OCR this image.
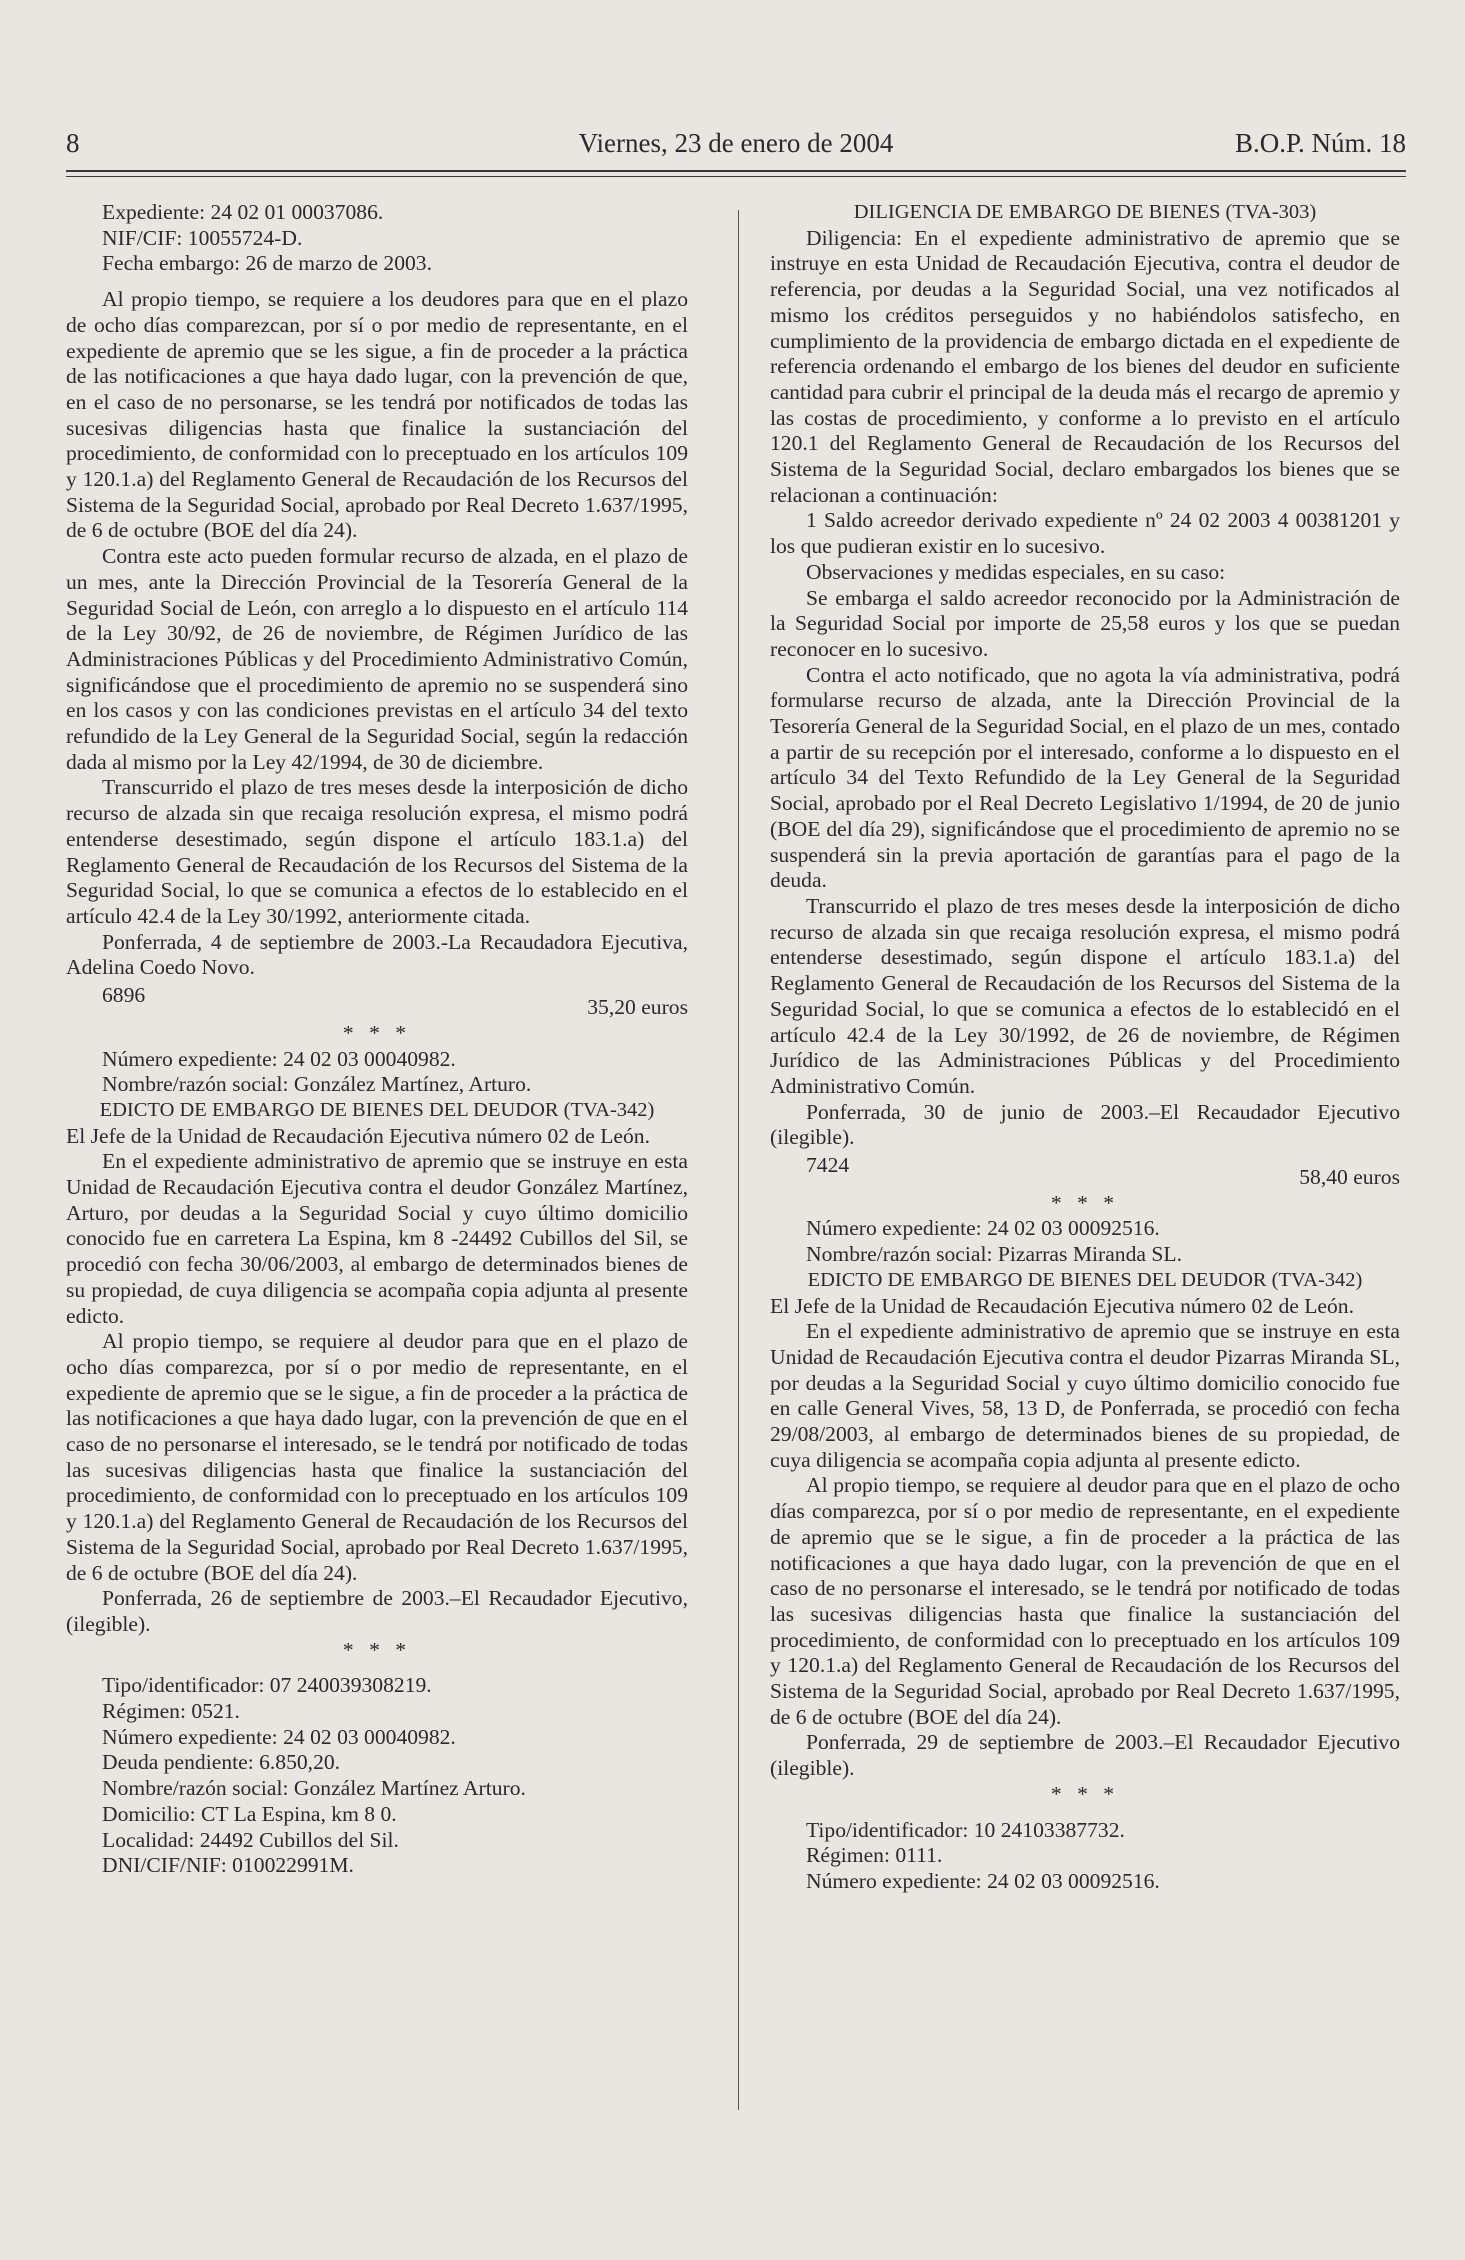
8	Viernes, 23 de enero de 2004	B.O.P. Núm. 18

Expediente: 24 02 01 00037086.

NIF/CIF: 10055724-D.

Fecha embargo: 26 de marzo de 2003.

Al propio tiempo, se requiere a los deudores para que en el plazo de ocho días comparezcan, por sí o por medio de representante, en el expediente de apremio que se les sigue, a fin de proceder a la práctica de las notificaciones a que haya dado lugar, con la prevención de que, en el caso de no personarse, se les tendrá por notificados de todas las sucesivas diligencias hasta que finalice la sustanciación del procedimiento, de conformidad con lo preceptuado en los artículos 109 y 120.1.a) del Reglamento General de Recaudación de los Recursos del Sistema de la Seguridad Social, aprobado por Real Decreto 1.637/1995, de 6 de octubre (BOE del día 24).

Contra este acto pueden formular recurso de alzada, en el plazo de un mes, ante la Dirección Provincial de la Tesorería General de la Seguridad Social de León, con arreglo a lo dispuesto en el artículo 114 de la Ley 30/92, de 26 de noviembre, de Régimen Jurídico de las Administraciones Públicas y del Procedimiento Administrativo Común, significándose que el procedimiento de apremio no se suspenderá sino en los casos y con las condiciones previstas en el artículo 34 del texto refundido de la Ley General de la Seguridad Social, según la redacción dada al mismo por la Ley 42/1994, de 30 de diciembre.

Transcurrido el plazo de tres meses desde la interposición de dicho recurso de alzada sin que recaiga resolución expresa, el mismo podrá entenderse desestimado, según dispone el artículo 183.1.a) del Reglamento General de Recaudación de los Recursos del Sistema de la Seguridad Social, lo que se comunica a efectos de lo establecido en el artículo 42.4 de la Ley 30/1992, anteriormente citada.

Ponferrada, 4 de septiembre de 2003.-La Recaudadora Ejecutiva, Adelina Coedo Novo.

6896	35,20 euros

* * *

Número expediente: 24 02 03 00040982.

Nombre/razón social: González Martínez, Arturo.

EDICTO DE EMBARGO DE BIENES DEL DEUDOR (TVA-342)

El Jefe de la Unidad de Recaudación Ejecutiva número 02 de León.

En el expediente administrativo de apremio que se instruye en esta Unidad de Recaudación Ejecutiva contra el deudor González Martínez, Arturo, por deudas a la Seguridad Social y cuyo último domicilio conocido fue en carretera La Espina, km 8 -24492 Cubillos del Sil, se procedió con fecha 30/06/2003, al embargo de determinados bienes de su propiedad, de cuya diligencia se acompaña copia adjunta al presente edicto.

Al propio tiempo, se requiere al deudor para que en el plazo de ocho días comparezca, por sí o por medio de representante, en el expediente de apremio que se le sigue, a fin de proceder a la práctica de las notificaciones a que haya dado lugar, con la prevención de que en el caso de no personarse el interesado, se le tendrá por notificado de todas las sucesivas diligencias hasta que finalice la sustanciación del procedimiento, de conformidad con lo preceptuado en los artículos 109 y 120.1.a) del Reglamento General de Recaudación de los Recursos del Sistema de la Seguridad Social, aprobado por Real Decreto 1.637/1995, de 6 de octubre (BOE del día 24).

Ponferrada, 26 de septiembre de 2003.–El Recaudador Ejecutivo, (ilegible).

* * *

Tipo/identificador: 07 240039308219.

Régimen: 0521.

Número expediente: 24 02 03 00040982.

Deuda pendiente: 6.850,20.

Nombre/razón social: González Martínez Arturo.

Domicilio: CT La Espina, km 8 0.

Localidad: 24492 Cubillos del Sil.

DNI/CIF/NIF: 010022991M.

DILIGENCIA DE EMBARGO DE BIENES (TVA-303)

Diligencia: En el expediente administrativo de apremio que se instruye en esta Unidad de Recaudación Ejecutiva, contra el deudor de referencia, por deudas a la Seguridad Social, una vez notificados al mismo los créditos perseguidos y no habiéndolos satisfecho, en cumplimiento de la providencia de embargo dictada en el expediente de referencia ordenando el embargo de los bienes del deudor en suficiente cantidad para cubrir el principal de la deuda más el recargo de apremio y las costas de procedimiento, y conforme a lo previsto en el artículo 120.1 del Reglamento General de Recaudación de los Recursos del Sistema de la Seguridad Social, declaro embargados los bienes que se relacionan a continuación:

1 Saldo acreedor derivado expediente nº 24 02 2003 4 00381201 y los que pudieran existir en lo sucesivo.

Observaciones y medidas especiales, en su caso:

Se embarga el saldo acreedor reconocido por la Administración de la Seguridad Social por importe de 25,58 euros y los que se puedan reconocer en lo sucesivo.

Contra el acto notificado, que no agota la vía administrativa, podrá formularse recurso de alzada, ante la Dirección Provincial de la Tesorería General de la Seguridad Social, en el plazo de un mes, contado a partir de su recepción por el interesado, conforme a lo dispuesto en el artículo 34 del Texto Refundido de la Ley General de la Seguridad Social, aprobado por el Real Decreto Legislativo 1/1994, de 20 de junio (BOE del día 29), significándose que el procedimiento de apremio no se suspenderá sin la previa aportación de garantías para el pago de la deuda.

Transcurrido el plazo de tres meses desde la interposición de dicho recurso de alzada sin que recaiga resolución expresa, el mismo podrá entenderse desestimado, según dispone el artículo 183.1.a) del Reglamento General de Recaudación de los Recursos del Sistema de la Seguridad Social, lo que se comunica a efectos de lo establecidó en el artículo 42.4 de la Ley 30/1992, de 26 de noviembre, de Régimen Jurídico de las Administraciones Públicas y del Procedimiento Administrativo Común.

Ponferrada, 30 de junio de 2003.–El Recaudador Ejecutivo (ilegible).

7424	58,40 euros

* * *

Número expediente: 24 02 03 00092516.

Nombre/razón social: Pizarras Miranda SL.

EDICTO DE EMBARGO DE BIENES DEL DEUDOR (TVA-342)

El Jefe de la Unidad de Recaudación Ejecutiva número 02 de León.

En el expediente administrativo de apremio que se instruye en esta Unidad de Recaudación Ejecutiva contra el deudor Pizarras Miranda SL, por deudas a la Seguridad Social y cuyo último domicilio conocido fue en calle General Vives, 58, 13 D, de Ponferrada, se procedió con fecha 29/08/2003, al embargo de determinados bienes de su propiedad, de cuya diligencia se acompaña copia adjunta al presente edicto.

Al propio tiempo, se requiere al deudor para que en el plazo de ocho días comparezca, por sí o por medio de representante, en el expediente de apremio que se le sigue, a fin de proceder a la práctica de las notificaciones a que haya dado lugar, con la prevención de que en el caso de no personarse el interesado, se le tendrá por notificado de todas las sucesivas diligencias hasta que finalice la sustanciación del procedimiento, de conformidad con lo preceptuado en los artículos 109 y 120.1.a) del Reglamento General de Recaudación de los Recursos del Sistema de la Seguridad Social, aprobado por Real Decreto 1.637/1995, de 6 de octubre (BOE del día 24).

Ponferrada, 29 de septiembre de 2003.–El Recaudador Ejecutivo (ilegible).

* * *

Tipo/identificador: 10 24103387732.

Régimen: 0111.

Número expediente: 24 02 03 00092516.
